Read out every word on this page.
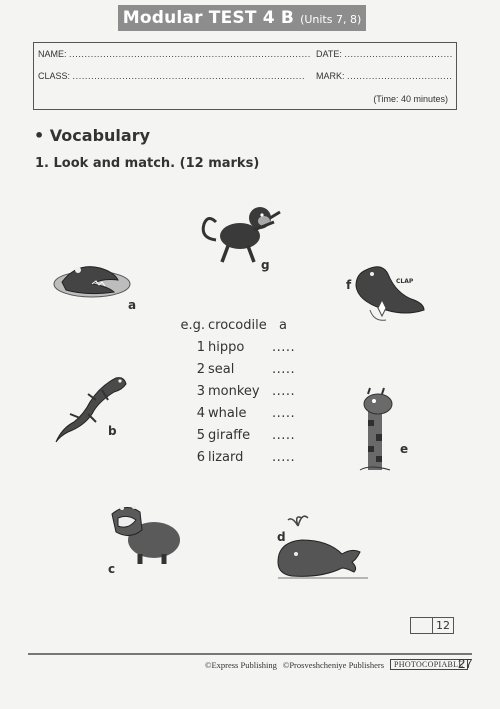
Modular TEST 4 B (Units 7, 8)
NAME: .............................................................................. DATE: ...................................
CLASS: ........................................................................... MARK: ..................................
(Time: 40 minutes)
• Vocabulary
1. Look and match. (12 marks)
e.g. crocodile a
1 hippo .....
2 seal	.....
3 monkey .....
4 whale .....
5 giraffe .....
6 lizard .....
a
g
CLAP
f
b
e
c
d
12
©Express Publishing ©Prosveshcheniye Publishers	PHOTOCOPIABLE
27
